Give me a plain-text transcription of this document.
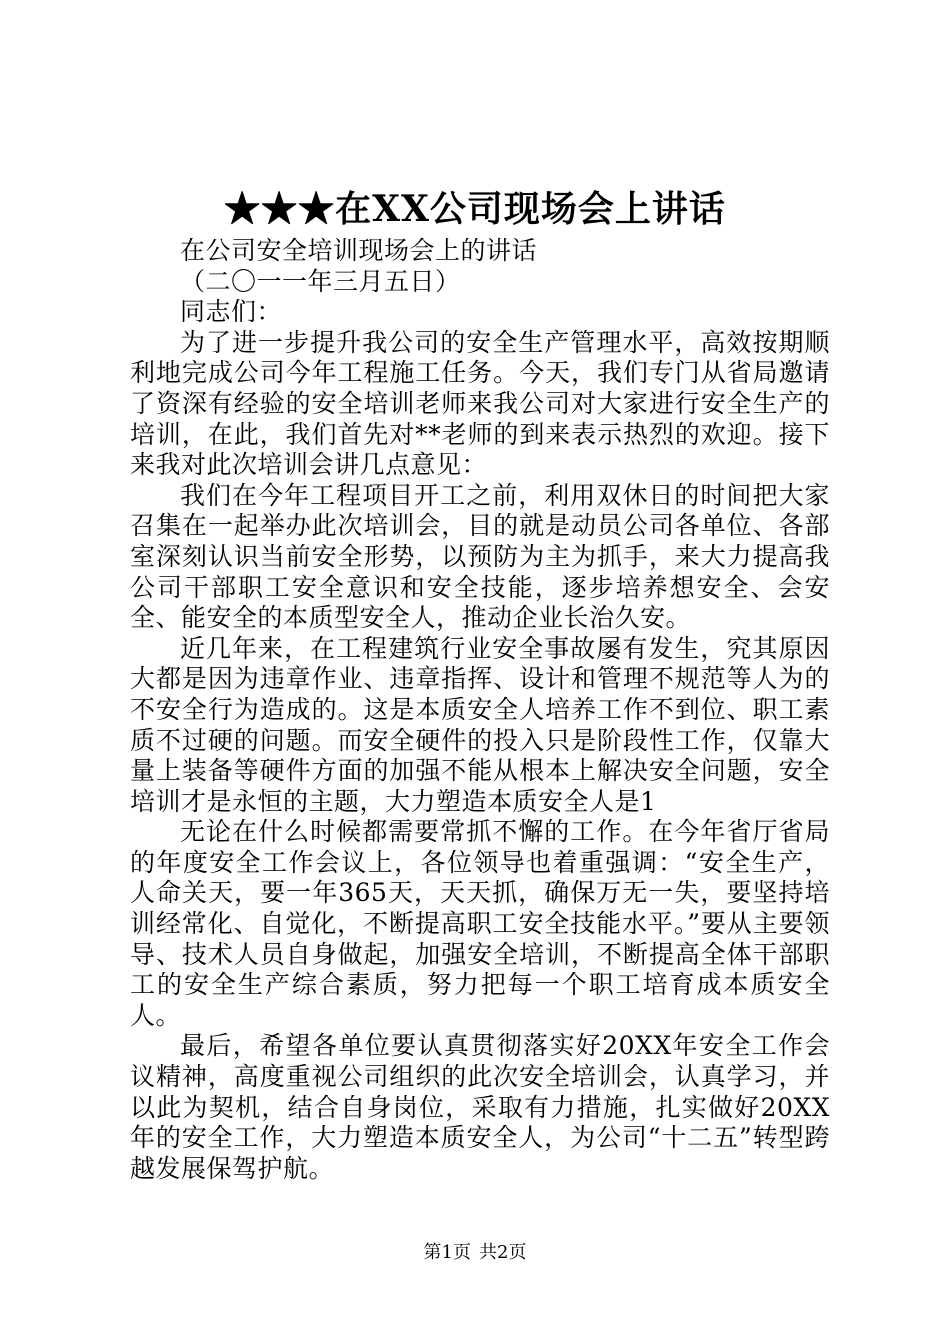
★★★在XX公司现场会上讲话

在公司安全培训现场会上的讲话

（二〇一一年三月五日）

同志们：

为了进一步提升我公司的安全生产管理水平，高效按期顺利地完成公司今年工程施工任务。今天，我们专门从省局邀请了资深有经验的安全培训老师来我公司对大家进行安全生产的培训，在此，我们首先对**老师的到来表示热烈的欢迎。接下来我对此次培训会讲几点意见：

我们在今年工程项目开工之前，利用双休日的时间把大家召集在一起举办此次培训会，目的就是动员公司各单位、各部室深刻认识当前安全形势，以预防为主为抓手，来大力提高我公司干部职工安全意识和安全技能，逐步培养想安全、会安全、能安全的本质型安全人，推动企业长治久安。

近几年来，在工程建筑行业安全事故屡有发生，究其原因大都是因为违章作业、违章指挥、设计和管理不规范等人为的不安全行为造成的。这是本质安全人培养工作不到位、职工素质不过硬的问题。而安全硬件的投入只是阶段性工作，仅靠大量上装备等硬件方面的加强不能从根本上解决安全问题，安全培训才是永恒的主题，大力塑造本质安全人是1

无论在什么时候都需要常抓不懈的工作。在今年省厅省局的年度安全工作会议上，各位领导也着重强调：“安全生产，人命关天，要一年365天，天天抓，确保万无一失，要坚持培训经常化、自觉化，不断提高职工安全技能水平。”要从主要领导、技术人员自身做起，加强安全培训，不断提高全体干部职工的安全生产综合素质，努力把每一个职工培育成本质安全人。

最后，希望各单位要认真贯彻落实好20XX年安全工作会议精神，高度重视公司组织的此次安全培训会，认真学习，并以此为契机，结合自身岗位，采取有力措施，扎实做好20XX年的安全工作，大力塑造本质安全人，为公司“十二五”转型跨越发展保驾护航。

第1页 共2页
